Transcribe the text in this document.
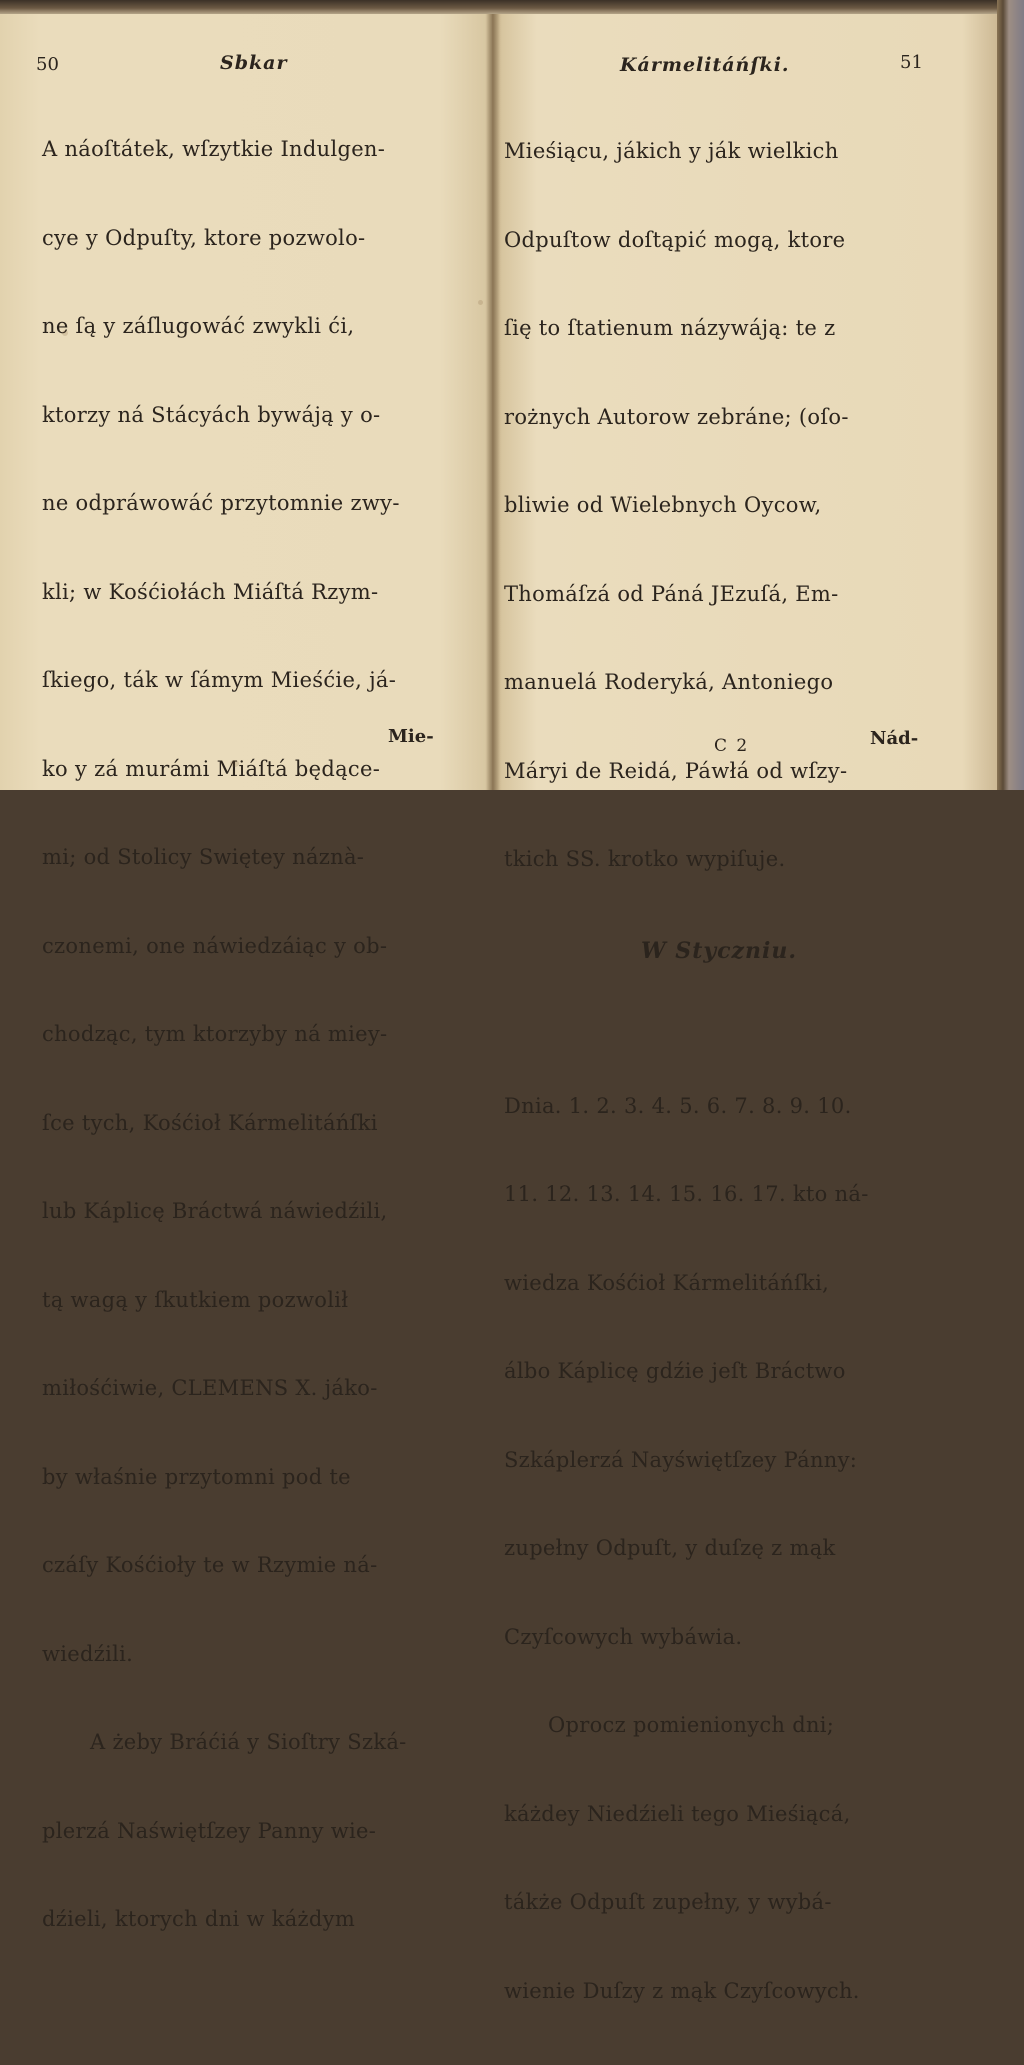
50	Sbkar

A náoſtátek, wſzytkie Indulgen-

cye y Odpuſty, ktore pozwolo-

ne ſą y záſlugowáć zwykli ći,

ktorzy ná Stácyách bywáją y o-

ne odpráwowáć przytomnie zwy-

kli; w Kośćiołách Miáſtá Rzym-

ſkiego, ták w ſámym Mieśćie, já-

ko y zá murámi Miáſtá będące-

mi; od Stolicy Swiętey náznà-

czonemi, one náwiedzáiąc y ob-

chodząc, tym ktorzyby ná miey-

ſce tych, Kośćioł Kármelitáńſki

lub Káplicę Bráctwá náwiedźili,

tą wagą y ſkutkiem pozwolił

miłośćiwie, CLEMENS X. jáko-

by właśnie przytomni pod te

czáſy Kośćioły te w Rzymie ná-

wiedźili.

A żeby Bráćiá y Sioſtry Szká-

plerzá Naświętſzey Panny wie-

dźieli, ktorych dni w káżdym

Mie-
Kármelitáńſki.	51

Mieśiącu, jákich y ják wielkich

Odpuſtow doſtąpić mogą, ktore

ſię to ſtatienum názywáją: te z

rożnych Autorow zebráne; (oſo-

bliwie od Wielebnych Oycow,

Thomáſzá od Páná JEzuſá, Em-

manuelá Roderyká, Antoniego

Máryi de Reidá, Páwłá od wſzy-

tkich SS. krotko wypiſuje.

W Styczniu.

Dnia. 1. 2. 3. 4. 5. 6. 7. 8. 9. 10.

11. 12. 13. 14. 15. 16. 17. kto ná-

wiedza Kośćioł Kármelitáńſki,

álbo Káplicę gdźie jeſt Bráctwo

Szkáplerzá Nayświętſzey Pánny:

zupełny Odpuſt, y duſzę z mąk

Czyſcowych wybáwia.

Oprocz pomienionych dni;

káżdey Niedźieli tego Mieśiącá,

tákże Odpuſt zupełny, y wybá-

wienie Duſzy z mąk Czyſcowych.

C 2	Nád-
